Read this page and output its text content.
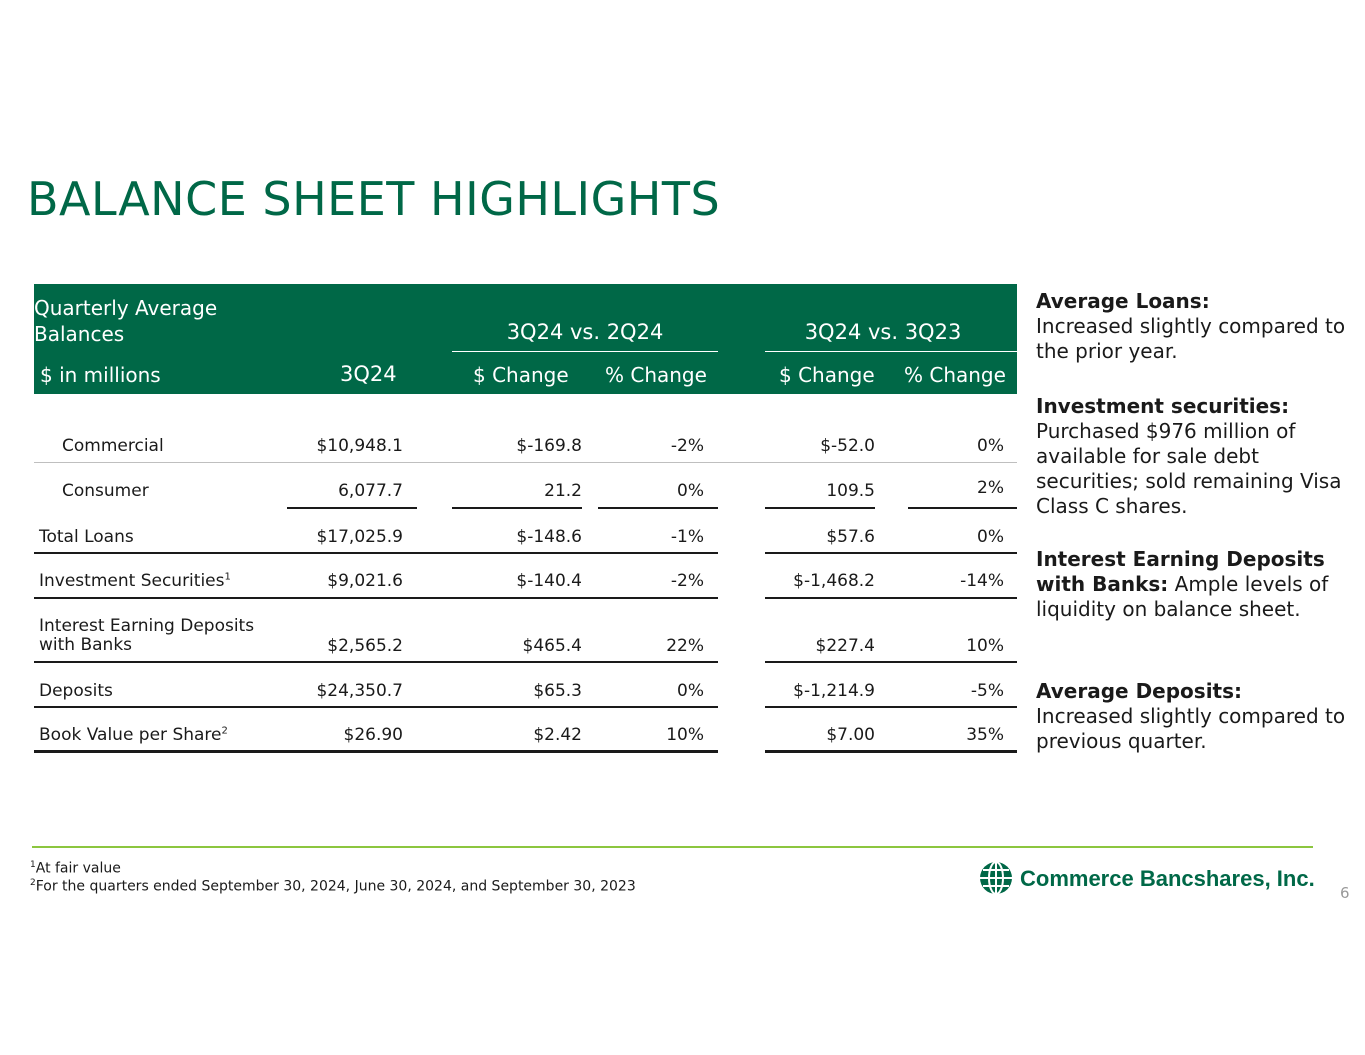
BALANCE SHEET HIGHLIGHTS
Quarterly Average Balances
$ in millions	3Q24
3Q24 vs. 2Q24	3Q24 vs. 3Q23
$ Change % Change	$ Change % Change
Commercial	$10,948.1	$-169.8	-2%	$-52.0	0%
Consumer	6,077.7	21.2	0%	109.5	2%
Total Loans	$17,025.9	$-148.6	-1%	$57.6	0%
Investment Securities$^1$	$9,021.6	$-140.4	-2%	$-1,468.2	-14%
Interest Earning Deposits with Banks	$2,565.2	$465.4	22%	$227.4	10%
Deposits	$24,350.7	$65.3	0%	$-1,214.9	-5%
Book Value per Share$^2$	$26.90	$2.42	10%	$7.00	35%
Average Loans:
Increased slightly compared to the prior year.
Investment securities:
Purchased $976 million of available for sale debt securities; sold remaining Visa Class C shares.
Interest Earning Deposits with Banks: Ample levels of liquidity on balance sheet.
Average Deposits:
Increased slightly compared to previous quarter.
$^1$At fair value
$^2$For the quarters ended September 30, 2024, June 30, 2024, and September 30, 2023	Commerce Bancshares, Inc.
6
